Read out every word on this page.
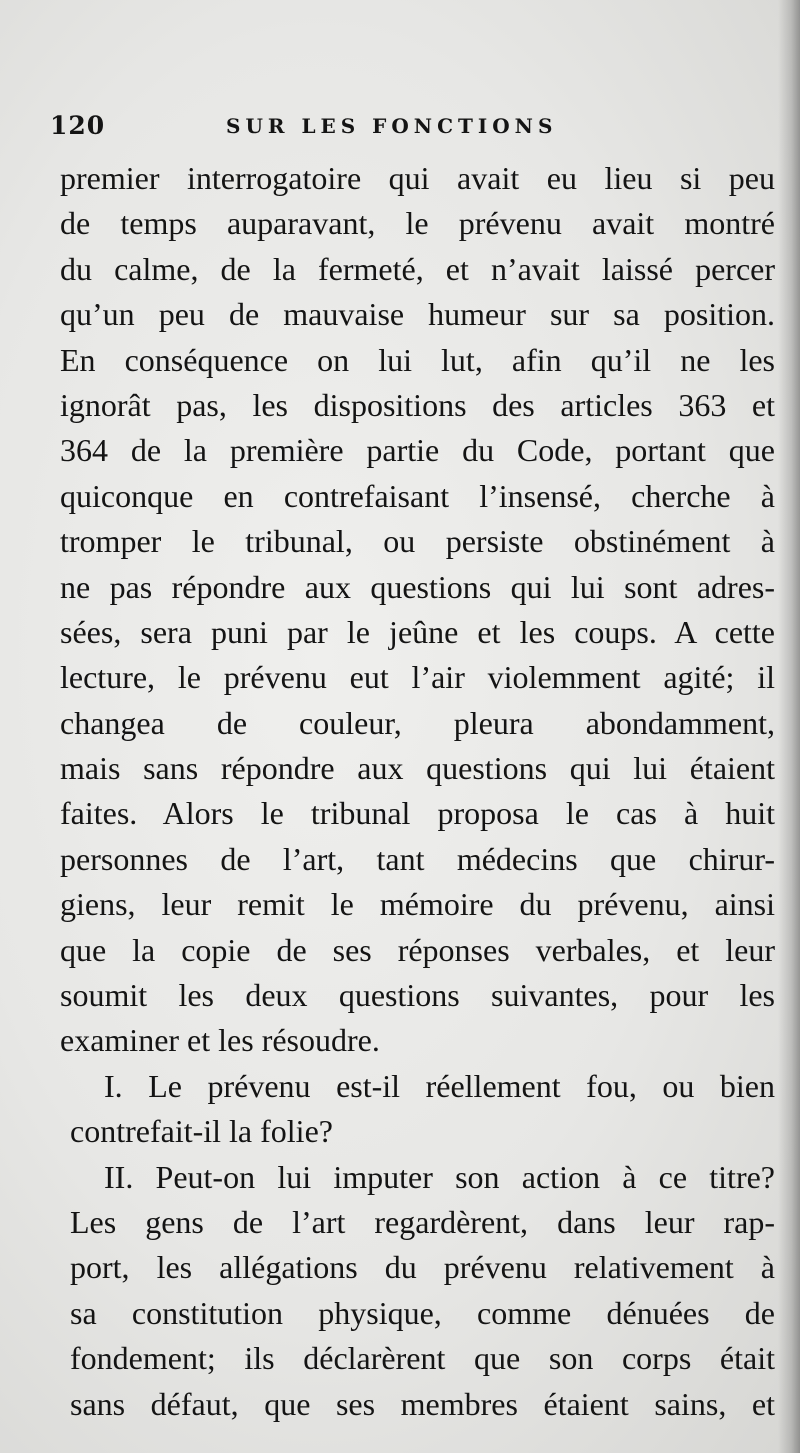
120	SUR LES FONCTIONS
premier interrogatoire qui avait eu lieu si peu
de temps auparavant, le prévenu avait montré
du calme, de la fermeté, et n’avait laissé percer
qu’un peu de mauvaise humeur sur sa position.
En conséquence on lui lut, afin qu’il ne les
ignorât pas, les dispositions des articles 363 et
364 de la première partie du Code, portant que
quiconque en contrefaisant l’insensé, cherche à
tromper le tribunal, ou persiste obstinément à
ne pas répondre aux questions qui lui sont adres-
sées, sera puni par le jeûne et les coups. A cette
lecture, le prévenu eut l’air violemment agité; il
changea de couleur, pleura abondamment,
mais sans répondre aux questions qui lui étaient
faites. Alors le tribunal proposa le cas à huit
personnes de l’art, tant médecins que chirur-
giens, leur remit le mémoire du prévenu, ainsi
que la copie de ses réponses verbales, et leur
soumit les deux questions suivantes, pour les
examiner et les résoudre.
I. Le prévenu est-il réellement fou, ou bien
contrefait-il la folie?
II. Peut-on lui imputer son action à ce titre?
Les gens de l’art regardèrent, dans leur rap-
port, les allégations du prévenu relativement à
sa constitution physique, comme dénuées de
fondement; ils déclarèrent que son corps était
sans défaut, que ses membres étaient sains, et
